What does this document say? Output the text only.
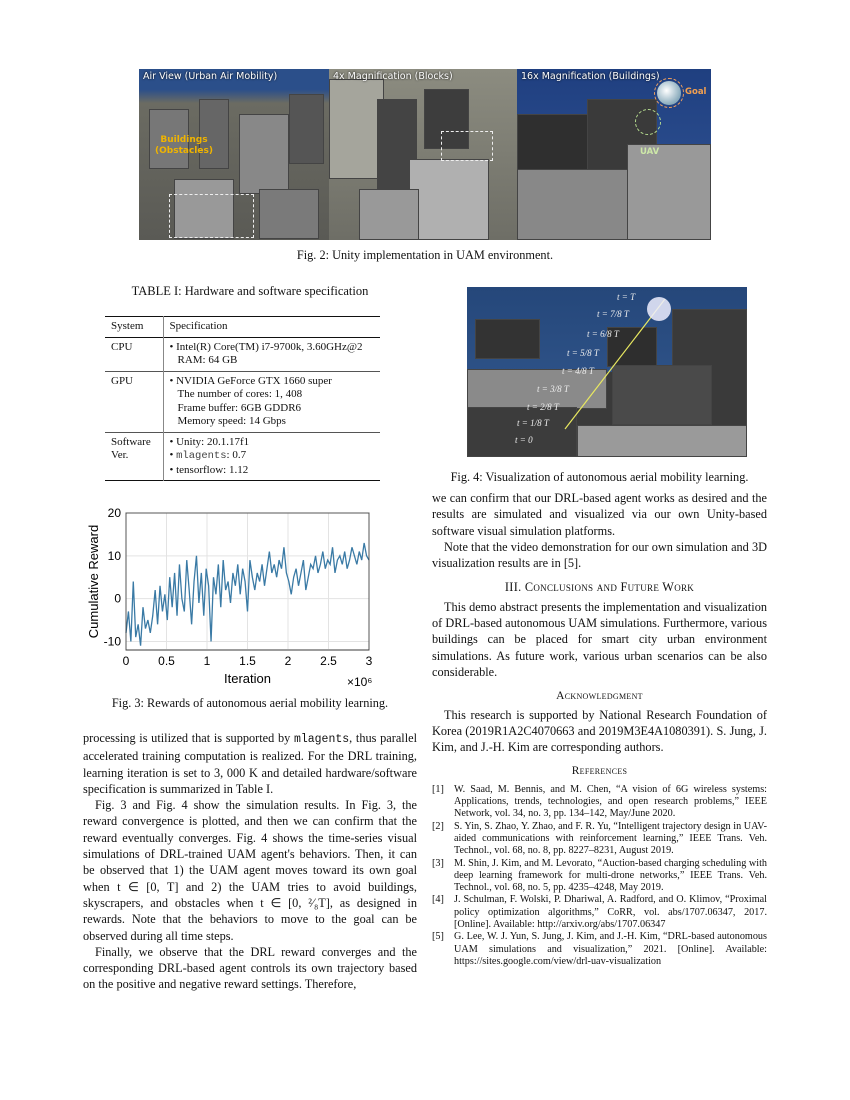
Air View (Urban Air Mobility)
Buildings
(Obstacles)
4x Magnification (Blocks)
Goal
UAV
16x Magnification (Buildings)
Fig. 2: Unity implementation in UAM environment.
TABLE I: Hardware and software specification
System	Specification
CPU	• Intel(R) Core(TM) i7-9700k, 3.60GHz@2
RAM: 64 GB

GPU	• NVIDIA GeForce GTX 1660 super
The number of cores: 1, 408
Frame buffer: 6GB GDDR6
Memory speed: 14 Gbps

Software Ver.	• Unity: 20.1.17f1
• mlagents: 0.7
• tensorflow: 1.12
0 0.5 1 1.5 2 2.5 3
-10
0
10
20
Iteration	×10⁶
Cumulative Reward
Fig. 3: Rewards of autonomous aerial mobility learning.
t = T
t = 7/8 T
t = 6/8 T
t = 5/8 T
t = 4/8 T
t = 3/8 T
t = 2/8 T
t = 1/8 T
t = 0
Fig. 4: Visualization of autonomous aerial mobility learning.

processing is utilized that is supported by mlagents, thus parallel accelerated training computation is realized. For the DRL training, learning iteration is set to 3, 000 K and detailed hardware/software specification is summarized in Table I.

Fig. 3 and Fig. 4 show the simulation results. In Fig. 3, the reward convergence is plotted, and then we can confirm that the reward eventually converges. Fig. 4 shows the time-series visual simulations of DRL-trained UAM agent's behaviors. Then, it can be observed that 1) the UAM agent moves toward its own goal when t ∈ [0, T] and 2) the UAM tries to avoid buildings, skyscrapers, and obstacles when t ∈ [0, ²⁄₈T], as designed in rewards. Note that the behaviors to move to the goal can be observed during all time steps.

Finally, we observe that the DRL reward converges and the corresponding DRL-based agent controls its own trajectory based on the positive and negative reward settings. Therefore,

we can confirm that our DRL-based agent works as desired and the results are simulated and visualized via our own Unity-based software visual simulation platforms.

Note that the video demonstration for our own simulation and 3D visualization results are in [5].

III. Conclusions and Future Work

This demo abstract presents the implementation and visualization of DRL-based autonomous UAM simulations. Furthermore, various buildings can be placed for smart city urban environment simulations. As future work, various urban scenarios can be also considerable.

Acknowledgment

This research is supported by National Research Foundation of Korea (2019R1A2C4070663 and 2019M3E4A1080391). S. Jung, J. Kim, and J.-H. Kim are corresponding authors.

References
[1] W. Saad, M. Bennis, and M. Chen, “A vision of 6G wireless systems: Applications, trends, technologies, and open research problems,” IEEE Network, vol. 34, no. 3, pp. 134–142, May/June 2020.
[2] S. Yin, S. Zhao, Y. Zhao, and F. R. Yu, “Intelligent trajectory design in UAV-aided communications with reinforcement learning,” IEEE Trans. Veh. Technol., vol. 68, no. 8, pp. 8227–8231, August 2019.
[3] M. Shin, J. Kim, and M. Levorato, “Auction-based charging scheduling with deep learning framework for multi-drone networks,” IEEE Trans. Veh. Technol., vol. 68, no. 5, pp. 4235–4248, May 2019.
[4] J. Schulman, F. Wolski, P. Dhariwal, A. Radford, and O. Klimov, “Proximal policy optimization algorithms,” CoRR, vol. abs/1707.06347, 2017. [Online]. Available: http://arxiv.org/abs/1707.06347
[5] G. Lee, W. J. Yun, S. Jung, J. Kim, and J.-H. Kim, “DRL-based autonomous UAM simulations and visualization,” 2021. [Online]. Available: https://sites.google.com/view/drl-uav-visualization
